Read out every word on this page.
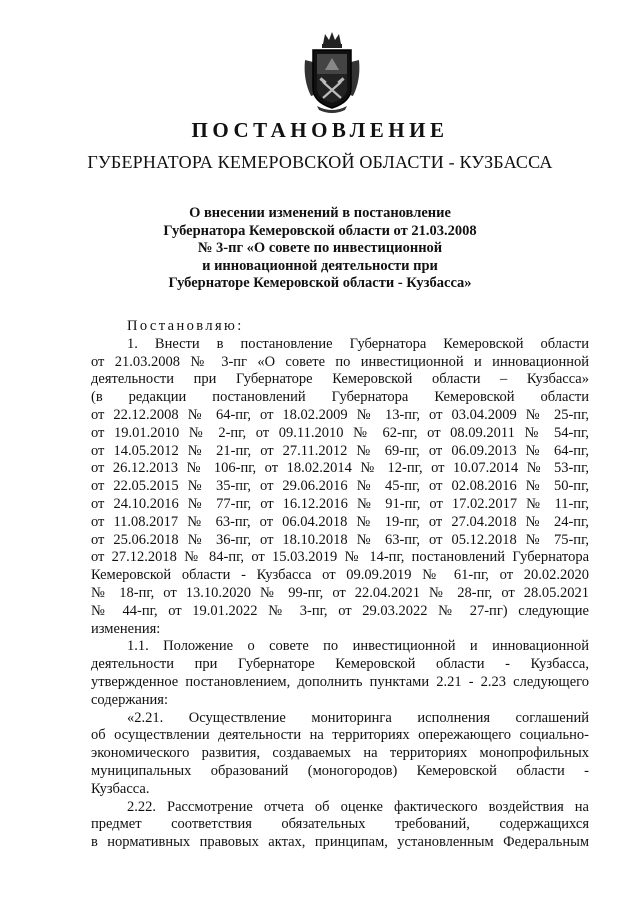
ПОСТАНОВЛЕНИЕ
ГУБЕРНАТОРА КЕМЕРОВСКОЙ ОБЛАСТИ - КУЗБАССА
О внесении изменений в постановление
Губернатора Кемеровской области от 21.03.2008
№ 3-пг «О совете по инвестиционной
и инновационной деятельности при
Губернаторе Кемеровской области - Кузбасса»
Постановляю:
1. Внести в постановление Губернатора Кемеровской области
от 21.03.2008 № 3-пг «О совете по инвестиционной и инновационной
деятельности при Губернаторе Кемеровской области – Кузбасса»
(в редакции постановлений Губернатора Кемеровской области
от 22.12.2008 № 64-пг, от 18.02.2009 № 13-пг, от 03.04.2009 № 25-пг,
от 19.01.2010 № 2-пг, от 09.11.2010 № 62-пг, от 08.09.2011 № 54-пг,
от 14.05.2012 № 21-пг, от 27.11.2012 № 69-пг, от 06.09.2013 № 64-пг,
от 26.12.2013 № 106-пг, от 18.02.2014 № 12-пг, от 10.07.2014 № 53-пг,
от 22.05.2015 № 35-пг, от 29.06.2016 № 45-пг, от 02.08.2016 № 50-пг,
от 24.10.2016 № 77-пг, от 16.12.2016 № 91-пг, от 17.02.2017 № 11-пг,
от 11.08.2017 № 63-пг, от 06.04.2018 № 19-пг, от 27.04.2018 № 24-пг,
от 25.06.2018 № 36-пг, от 18.10.2018 № 63-пг, от 05.12.2018 № 75-пг,
от 27.12.2018 № 84-пг, от 15.03.2019 № 14-пг, постановлений Губернатора
Кемеровской области - Кузбасса от 09.09.2019 № 61-пг, от 20.02.2020
№ 18-пг, от 13.10.2020 № 99-пг, от 22.04.2021 № 28-пг, от 28.05.2021
№ 44-пг, от 19.01.2022 № 3-пг, от 29.03.2022 № 27-пг) следующие
изменения:
1.1. Положение о совете по инвестиционной и инновационной
деятельности при Губернаторе Кемеровской области - Кузбасса,
утвержденное постановлением, дополнить пунктами 2.21 - 2.23 следующего
содержания:
«2.21. Осуществление мониторинга исполнения соглашений
об осуществлении деятельности на территориях опережающего социально-
экономического развития, создаваемых на территориях монопрофильных
муниципальных образований (моногородов) Кемеровской области -
Кузбасса.
2.22. Рассмотрение отчета об оценке фактического воздействия на
предмет соответствия обязательных требований, содержащихся
в нормативных правовых актах, принципам, установленным Федеральным
